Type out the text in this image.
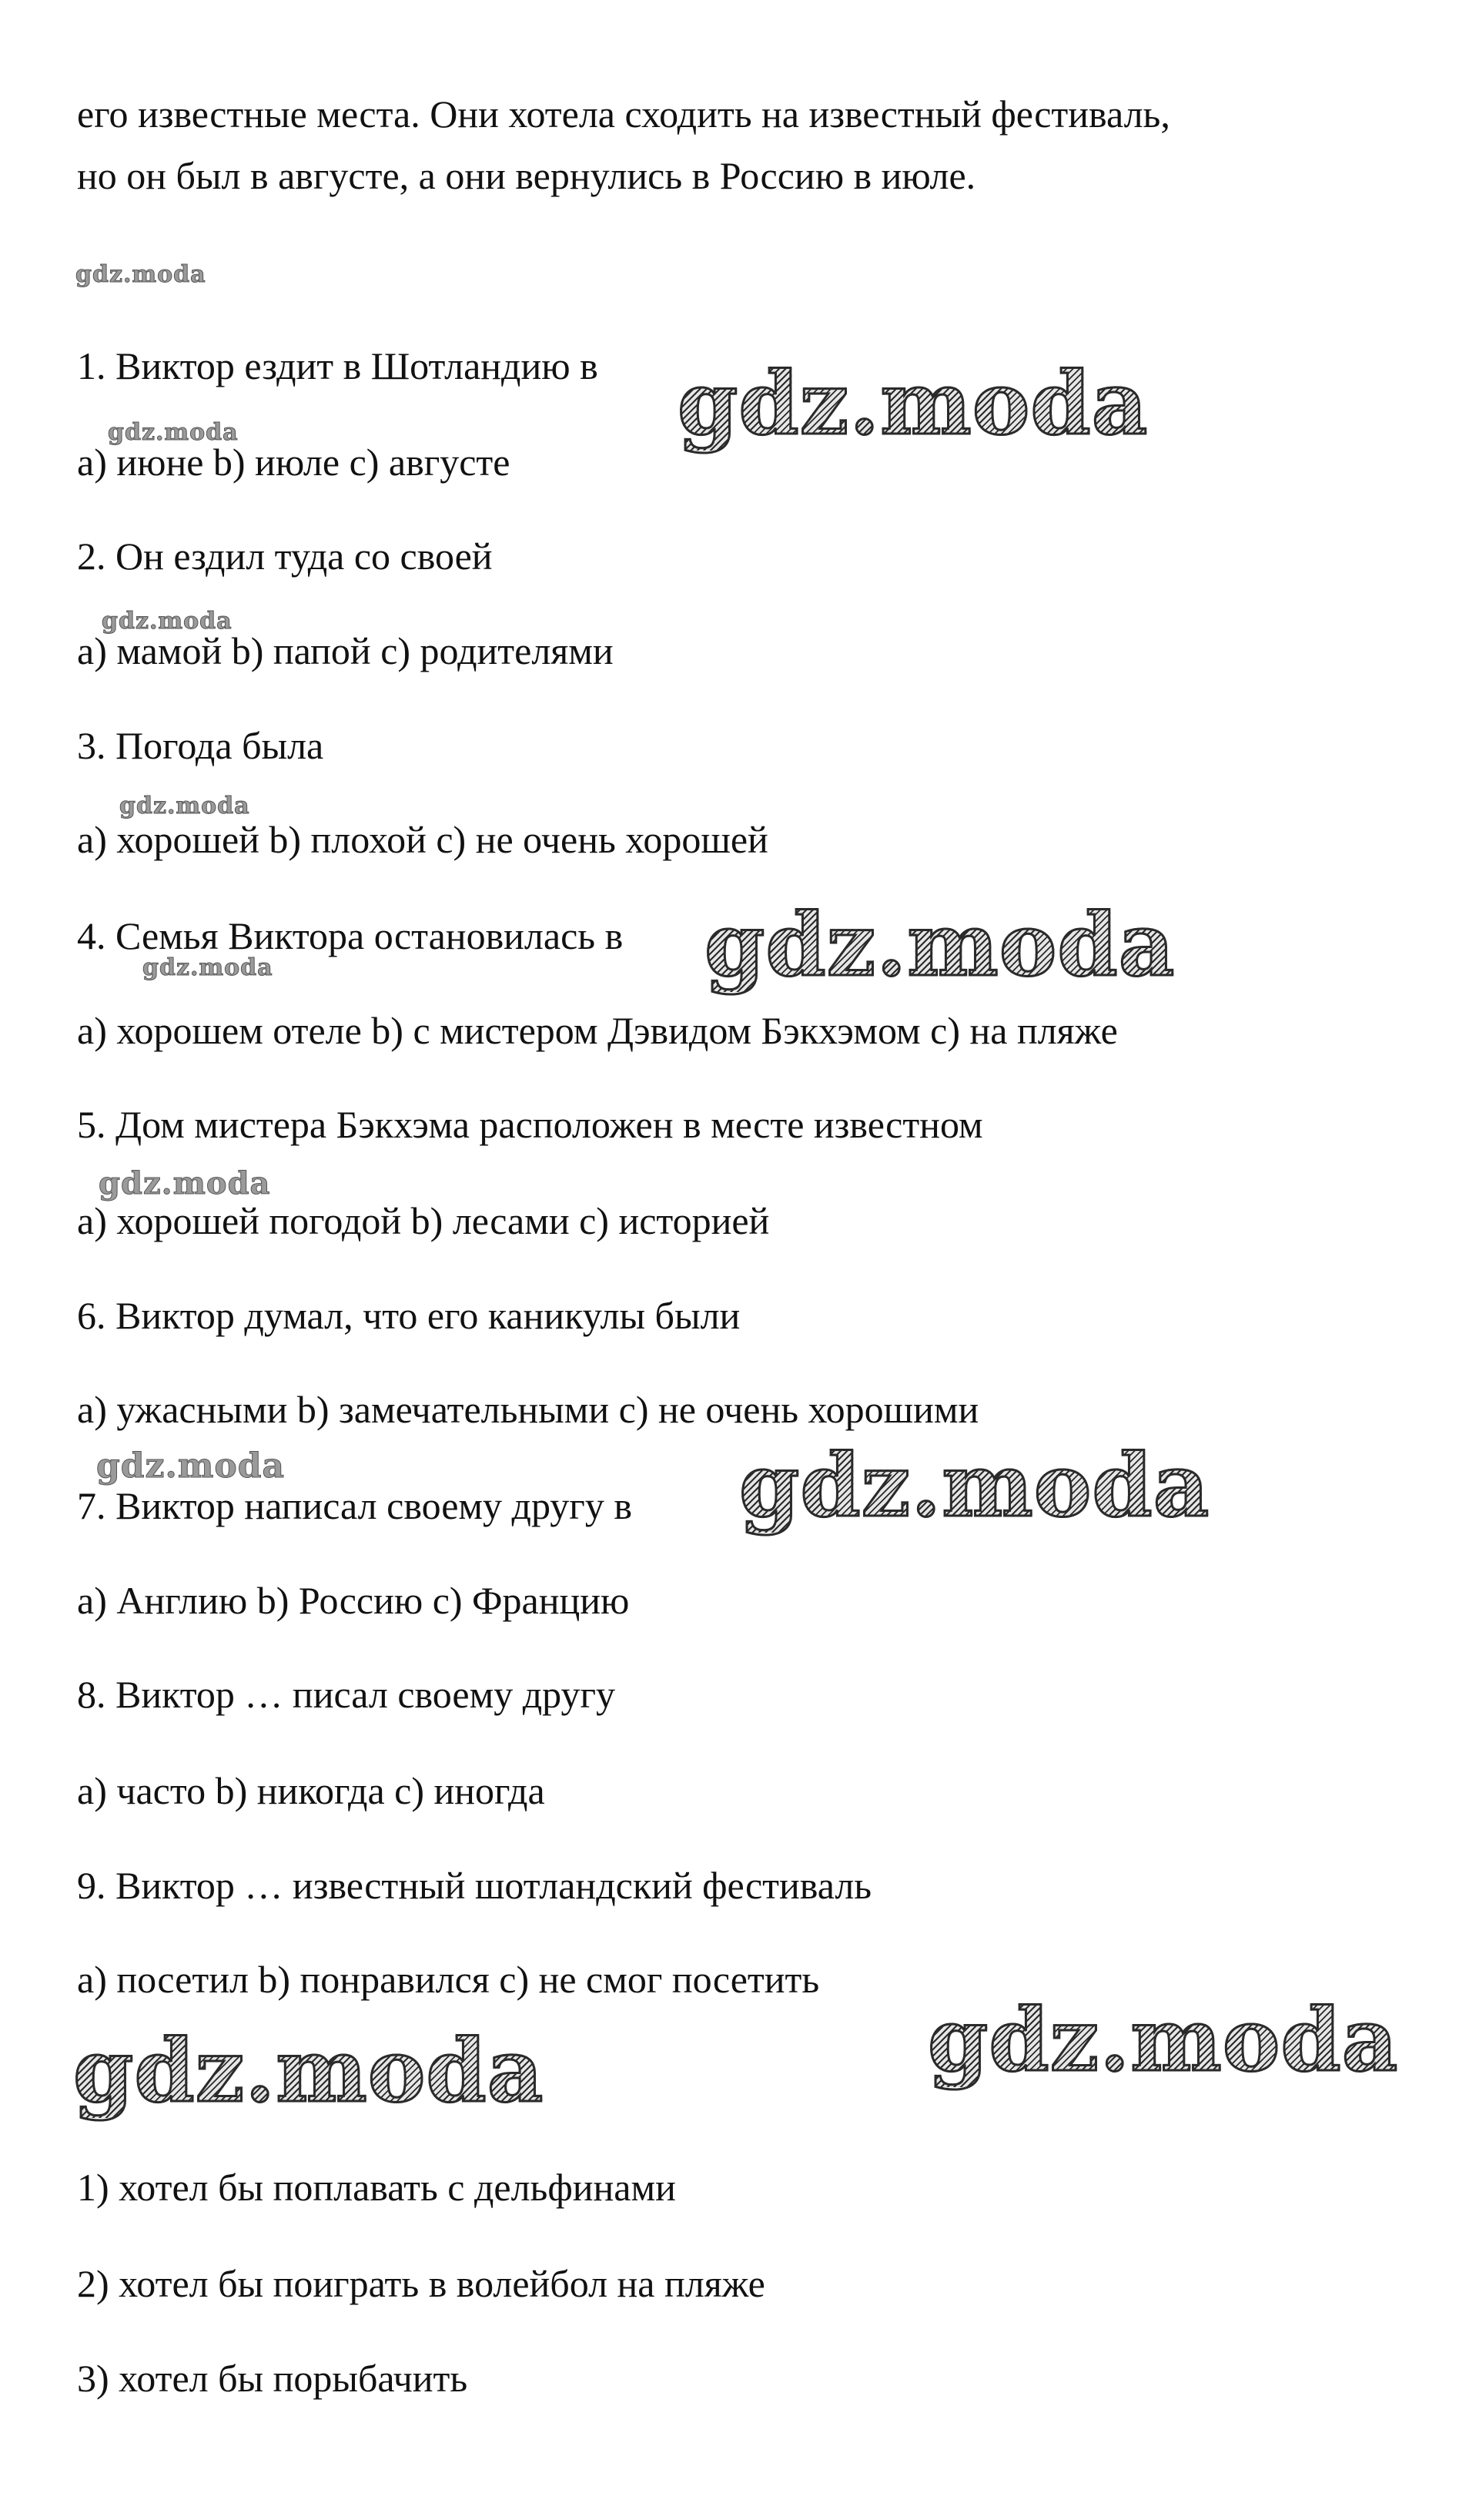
его известные места. Они хотела сходить на известный фестиваль,
но он был в августе, а они вернулись в Россию в июле.
1. Виктор ездит в Шотландию в
a) июне b) июле c) августе
2. Он ездил туда со своей
a) мамой b) папой c) родителями
3. Погода была
a) хорошей b) плохой c) не очень хорошей
4. Семья Виктора остановилась в
a) хорошем отеле b) с мистером Дэвидом Бэкхэмом c) на пляже
5. Дом мистера Бэкхэма расположен в месте известном
a) хорошей погодой b) лесами c) историей
6. Виктор думал, что его каникулы были
a) ужасными b) замечательными c) не очень хорошими
7. Виктор написал своему другу в
a) Англию b) Россию c) Францию
8. Виктор … писал своему другу
a) часто b) никогда c) иногда
9. Виктор … известный шотландский фестиваль
a) посетил b) понравился c) не смог посетить
1) хотел бы поплавать с дельфинами
2) хотел бы поиграть в волейбол на пляже
3) хотел бы порыбачить
gdz.moda
gdz.moda
gdz.moda
gdz.moda	gdz.moda
gdz.moda
gdz.moda
gdz.moda
gdz.moda
gdz.moda
gdz.moda
gdz.moda
